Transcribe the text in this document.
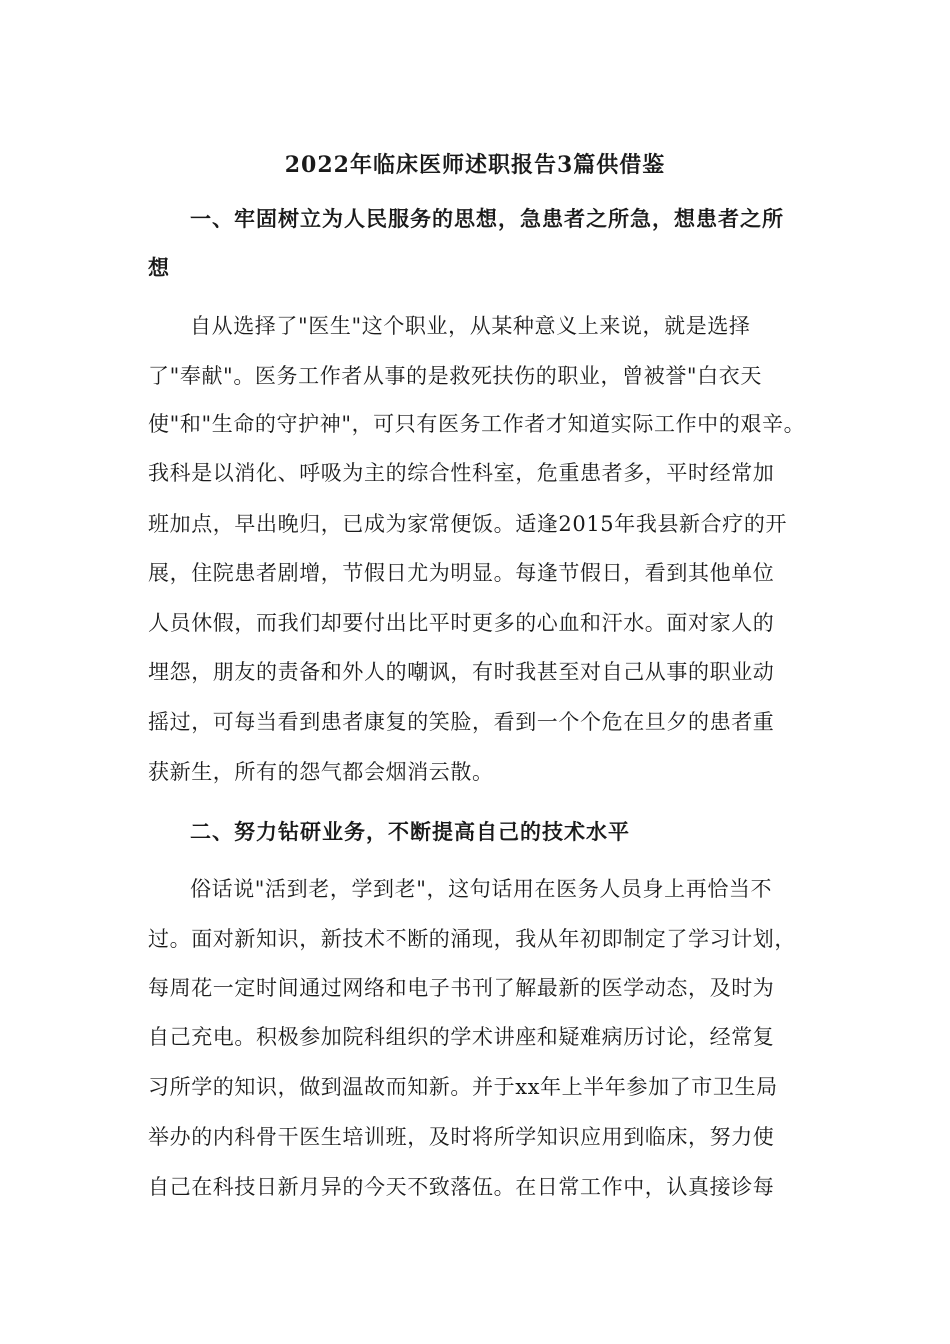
2022年临床医师述职报告3篇供借鉴
一、牢固树立为人民服务的思想，急患者之所急，想患者之所
想
自从选择了"医生"这个职业，从某种意义上来说，就是选择
了"奉献"。医务工作者从事的是救死扶伤的职业，曾被誉"白衣天
使"和"生命的守护神"，可只有医务工作者才知道实际工作中的艰辛。
我科是以消化、呼吸为主的综合性科室，危重患者多，平时经常加
班加点，早出晚归，已成为家常便饭。适逢2015年我县新合疗的开
展，住院患者剧增，节假日尤为明显。每逢节假日，看到其他单位
人员休假，而我们却要付出比平时更多的心血和汗水。面对家人的
埋怨，朋友的责备和外人的嘲讽，有时我甚至对自己从事的职业动
摇过，可每当看到患者康复的笑脸，看到一个个危在旦夕的患者重
获新生，所有的怨气都会烟消云散。
二、努力钻研业务，不断提高自己的技术水平
俗话说"活到老，学到老"，这句话用在医务人员身上再恰当不
过。面对新知识，新技术不断的涌现，我从年初即制定了学习计划，
每周花一定时间通过网络和电子书刊了解最新的医学动态，及时为
自己充电。积极参加院科组织的学术讲座和疑难病历讨论，经常复
习所学的知识，做到温故而知新。并于xx年上半年参加了市卫生局
举办的内科骨干医生培训班，及时将所学知识应用到临床，努力使
自己在科技日新月异的今天不致落伍。在日常工作中，认真接诊每
